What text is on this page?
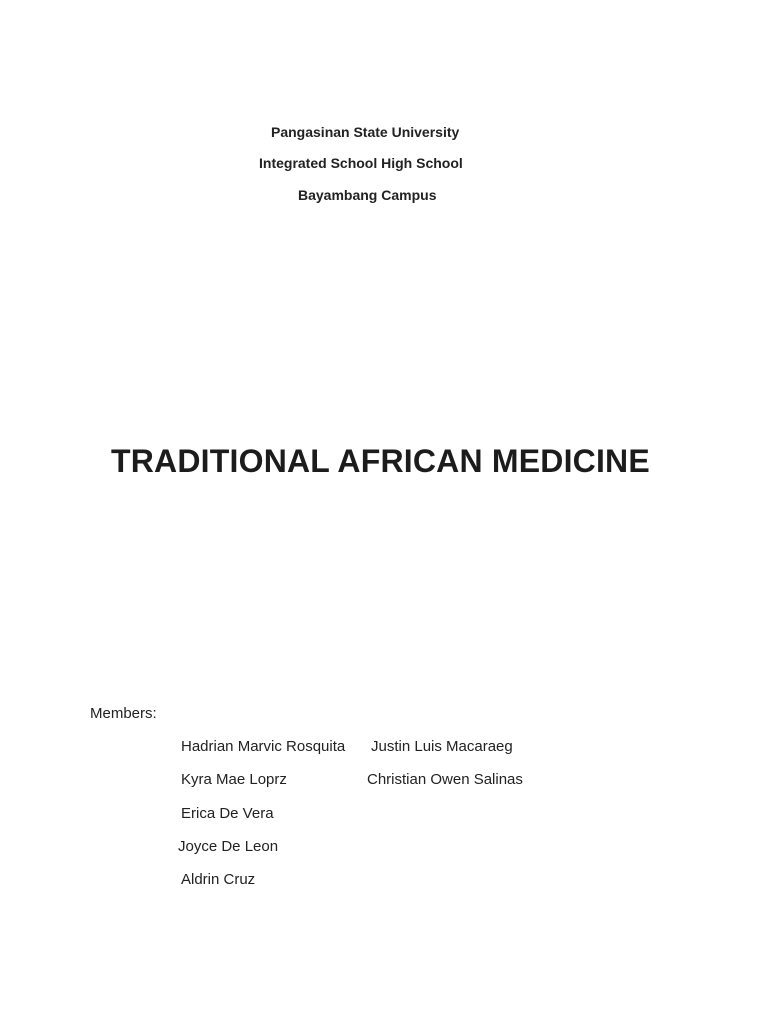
Pangasinan State University
Integrated School High School
Bayambang Campus
TRADITIONAL AFRICAN MEDICINE
Members:
Hadrian Marvic Rosquita Justin Luis Macaraeg
Kyra Mae Loprz	Christian Owen Salinas
Erica De Vera
Joyce De Leon
Aldrin Cruz
